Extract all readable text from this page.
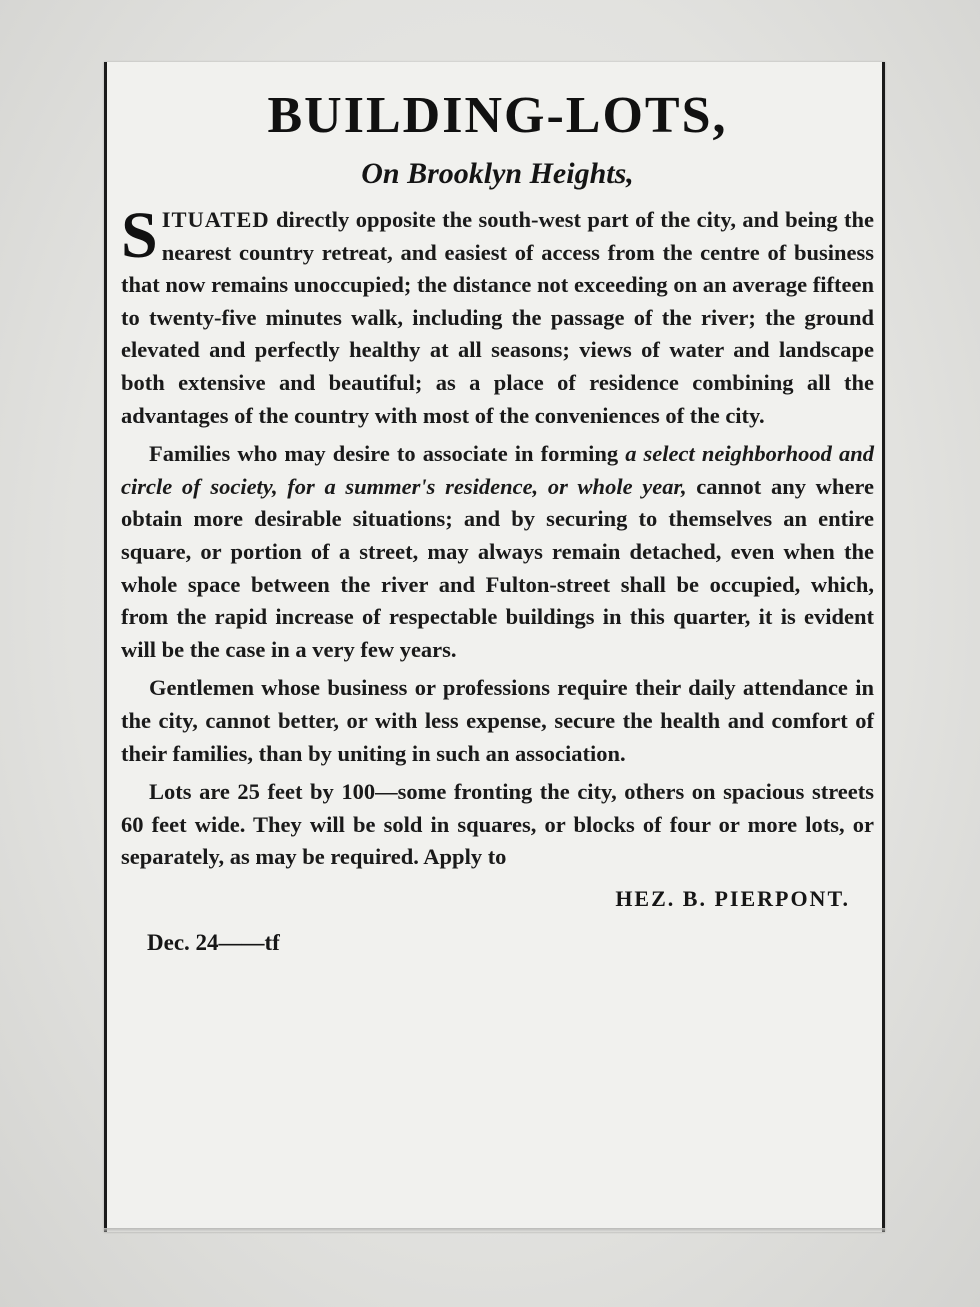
BUILDING-LOTS,
On Brooklyn Heights,

SITUATED directly opposite the south-west part of the city, and being the nearest country retreat, and easiest of access from the centre of business that now remains unoccupied; the distance not exceeding on an average fifteen to twenty-five minutes walk, including the passage of the river; the ground elevated and perfectly healthy at all seasons; views of water and landscape both extensive and beautiful; as a place of residence combining all the advantages of the country with most of the conveniences of the city.

Families who may desire to associate in forming a select neighborhood and circle of society, for a summer's residence, or whole year, cannot any where obtain more desirable situations; and by securing to themselves an entire square, or portion of a street, may always remain detached, even when the whole space between the river and Fulton-street shall be occupied, which, from the rapid increase of respectable buildings in this quarter, it is evident will be the case in a very few years.

Gentlemen whose business or professions require their daily attendance in the city, cannot better, or with less expense, secure the health and comfort of their families, than by uniting in such an association.

Lots are 25 feet by 100—some fronting the city, others on spacious streets 60 feet wide. They will be sold in squares, or blocks of four or more lots, or separately, as may be required. Apply to

HEZ. B. PIERPONT.
Dec. 24——tf
